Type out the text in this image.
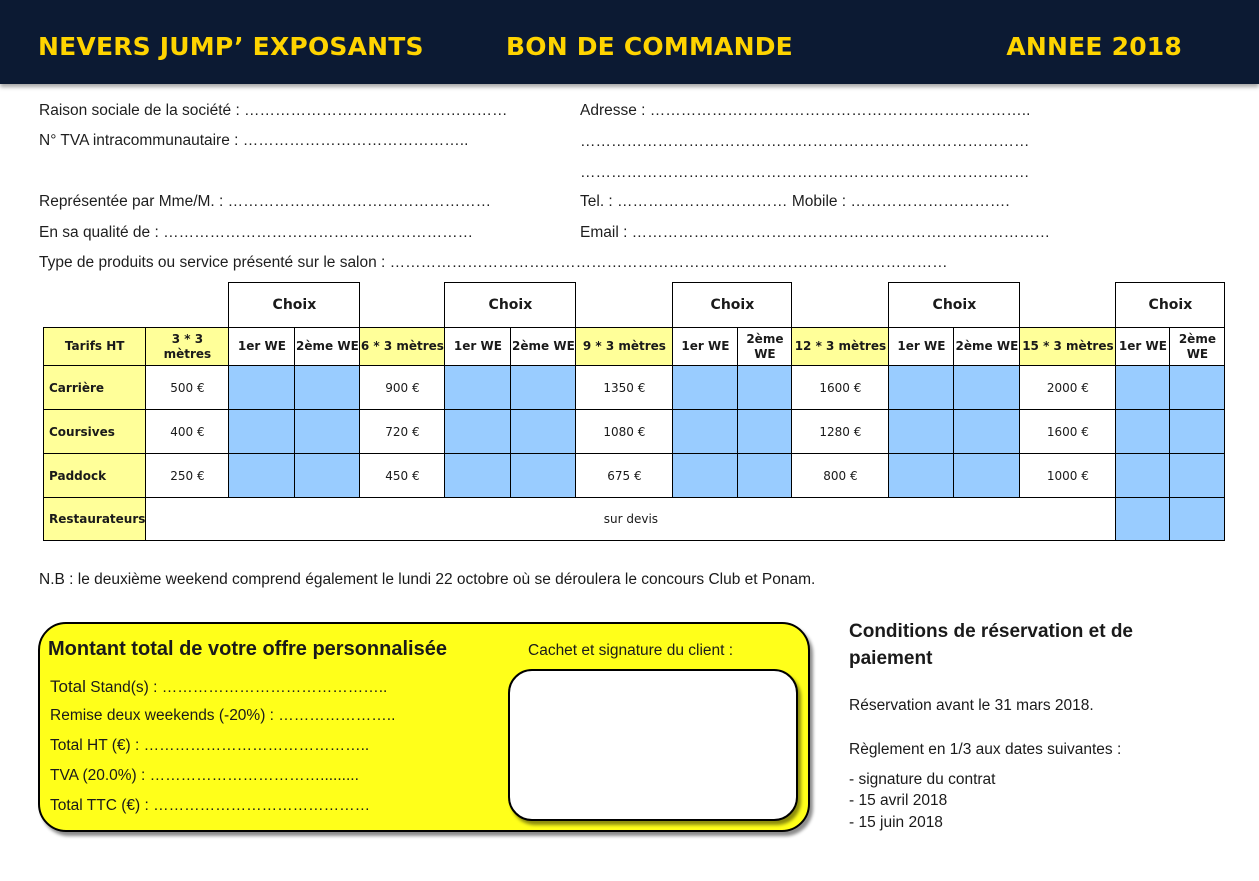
NEVERS JUMP’ EXPOSANTS	BON DE COMMANDE	ANNEE 2018
Raison sociale de la société : ……………………………………………
N° TVA intracommunautaire : ……………………………………..
Représentée par Mme/M. : ……………………………………………
En sa qualité de : ……………………………………………………
Type de produits ou service présenté sur le salon : ………………………………………………………………………………………………
Adresse : ………………………………………………………………..
……………………………………………………………………………
……………………………………………………………………………
Tel. : …………………………… Mobile : ………………………….
Email : ………………………………………………………………………
		Choix			Choix			Choix			Choix			Choix	
Tarifs HT	3 * 3 mètres	1er WE	2ème WE	6 * 3 mètres	1er WE	2ème WE	9 * 3 mètres	1er WE	2ème WE	12 * 3 mètres	1er WE	2ème WE	15 * 3 mètres	1er WE	2ème WE
Carrière	500 €			900 €			1350 €			1600 €			2000 €		
Coursives	400 €			720 €			1080 €			1280 €			1600 €		
Paddock	250 €			450 €			675 €			800 €			1000 €		
Restaurateurs	sur devis														
N.B : le deuxième weekend comprend également le lundi 22 octobre où se déroulera le concours Club et Ponam.
Montant total de votre offre personnalisée
Total Stand(s) : ……………………………………..
Remise deux weekends (-20%) : …………………..
Total HT (€) : ……………………………………..
TVA (20.0%) : …………………………….........
Total TTC (€) : ……………………………………
Cachet et signature du client :
Conditions de réservation et de paiement
Réservation avant le 31 mars 2018.
Règlement en 1/3 aux dates suivantes :
- signature du contrat
- 15 avril 2018
- 15 juin 2018
